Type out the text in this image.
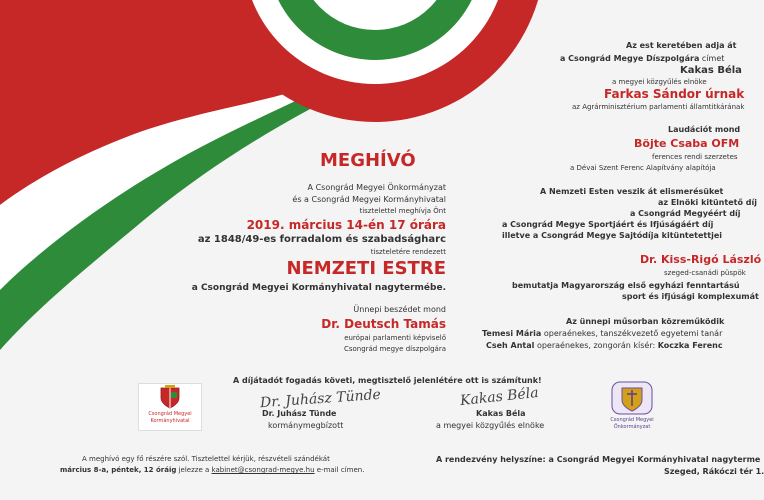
MEGHÍVÓ
A Csongrád Megyei Önkormányzat
és a Csongrád Megyei Kormányhivatal
tisztelettel meghívja Önt
2019. március 14-én 17 órára
az 1848/49-es forradalom és szabadságharc
tiszteletére rendezett
NEMZETI ESTRE
a Csongrád Megyei Kormányhivatal nagytermébe.
Ünnepi beszédet mond
Dr. Deutsch Tamás
európai parlamenti képviselő
Csongrád megye díszpolgára
Az est keretében adja át
a Csongrád Megye Díszpolgára címet
Kakas Béla
a megyei közgyűlés elnöke
Farkas Sándor úrnak
az Agrárminisztérium parlamenti államtitkárának
Laudációt mond
Böjte Csaba OFM
ferences rendi szerzetes
a Dévai Szent Ferenc Alapítvány alapítója
A Nemzeti Esten veszik át elismerésüket
az Elnöki kitüntető díj
a Csongrád Megyéért díj
a Csongrád Megye Sportjáért és Ifjúságáért díj
illetve a Csongrád Megye Sajtódíja kitüntetettjei
Dr. Kiss-Rigó László
szeged-csanádi püspök
bemutatja Magyarország első egyházi fenntartású
sport és ifjúsági komplexumát
Az ünnepi műsorban közreműködik
Temesi Mária operaénekes, tanszékvezető egyetemi tanár
Cseh Antal operaénekes, zongorán kísér: Koczka Ferenc
A díjátadót fogadás követi, megtisztelő jelenlétére ott is számítunk!
Csongrád Megyei
Kormányhivatal
Dr. Juhász Tünde
Dr. Juhász Tünde
kormánymegbízott
Kakas Béla
Kakas Béla
a megyei közgyűlés elnöke
Csongrád Megyei
Önkormányzat
A meghívó egy fő részére szól. Tisztelettel kérjük, részvételi szándékát
március 8-a, péntek, 12 óráig jelezze a kabinet@csongrad-megye.hu e-mail címen.
A rendezvény helyszíne: a Csongrád Megyei Kormányhivatal nagyterme
Szeged, Rákóczi tér 1.
